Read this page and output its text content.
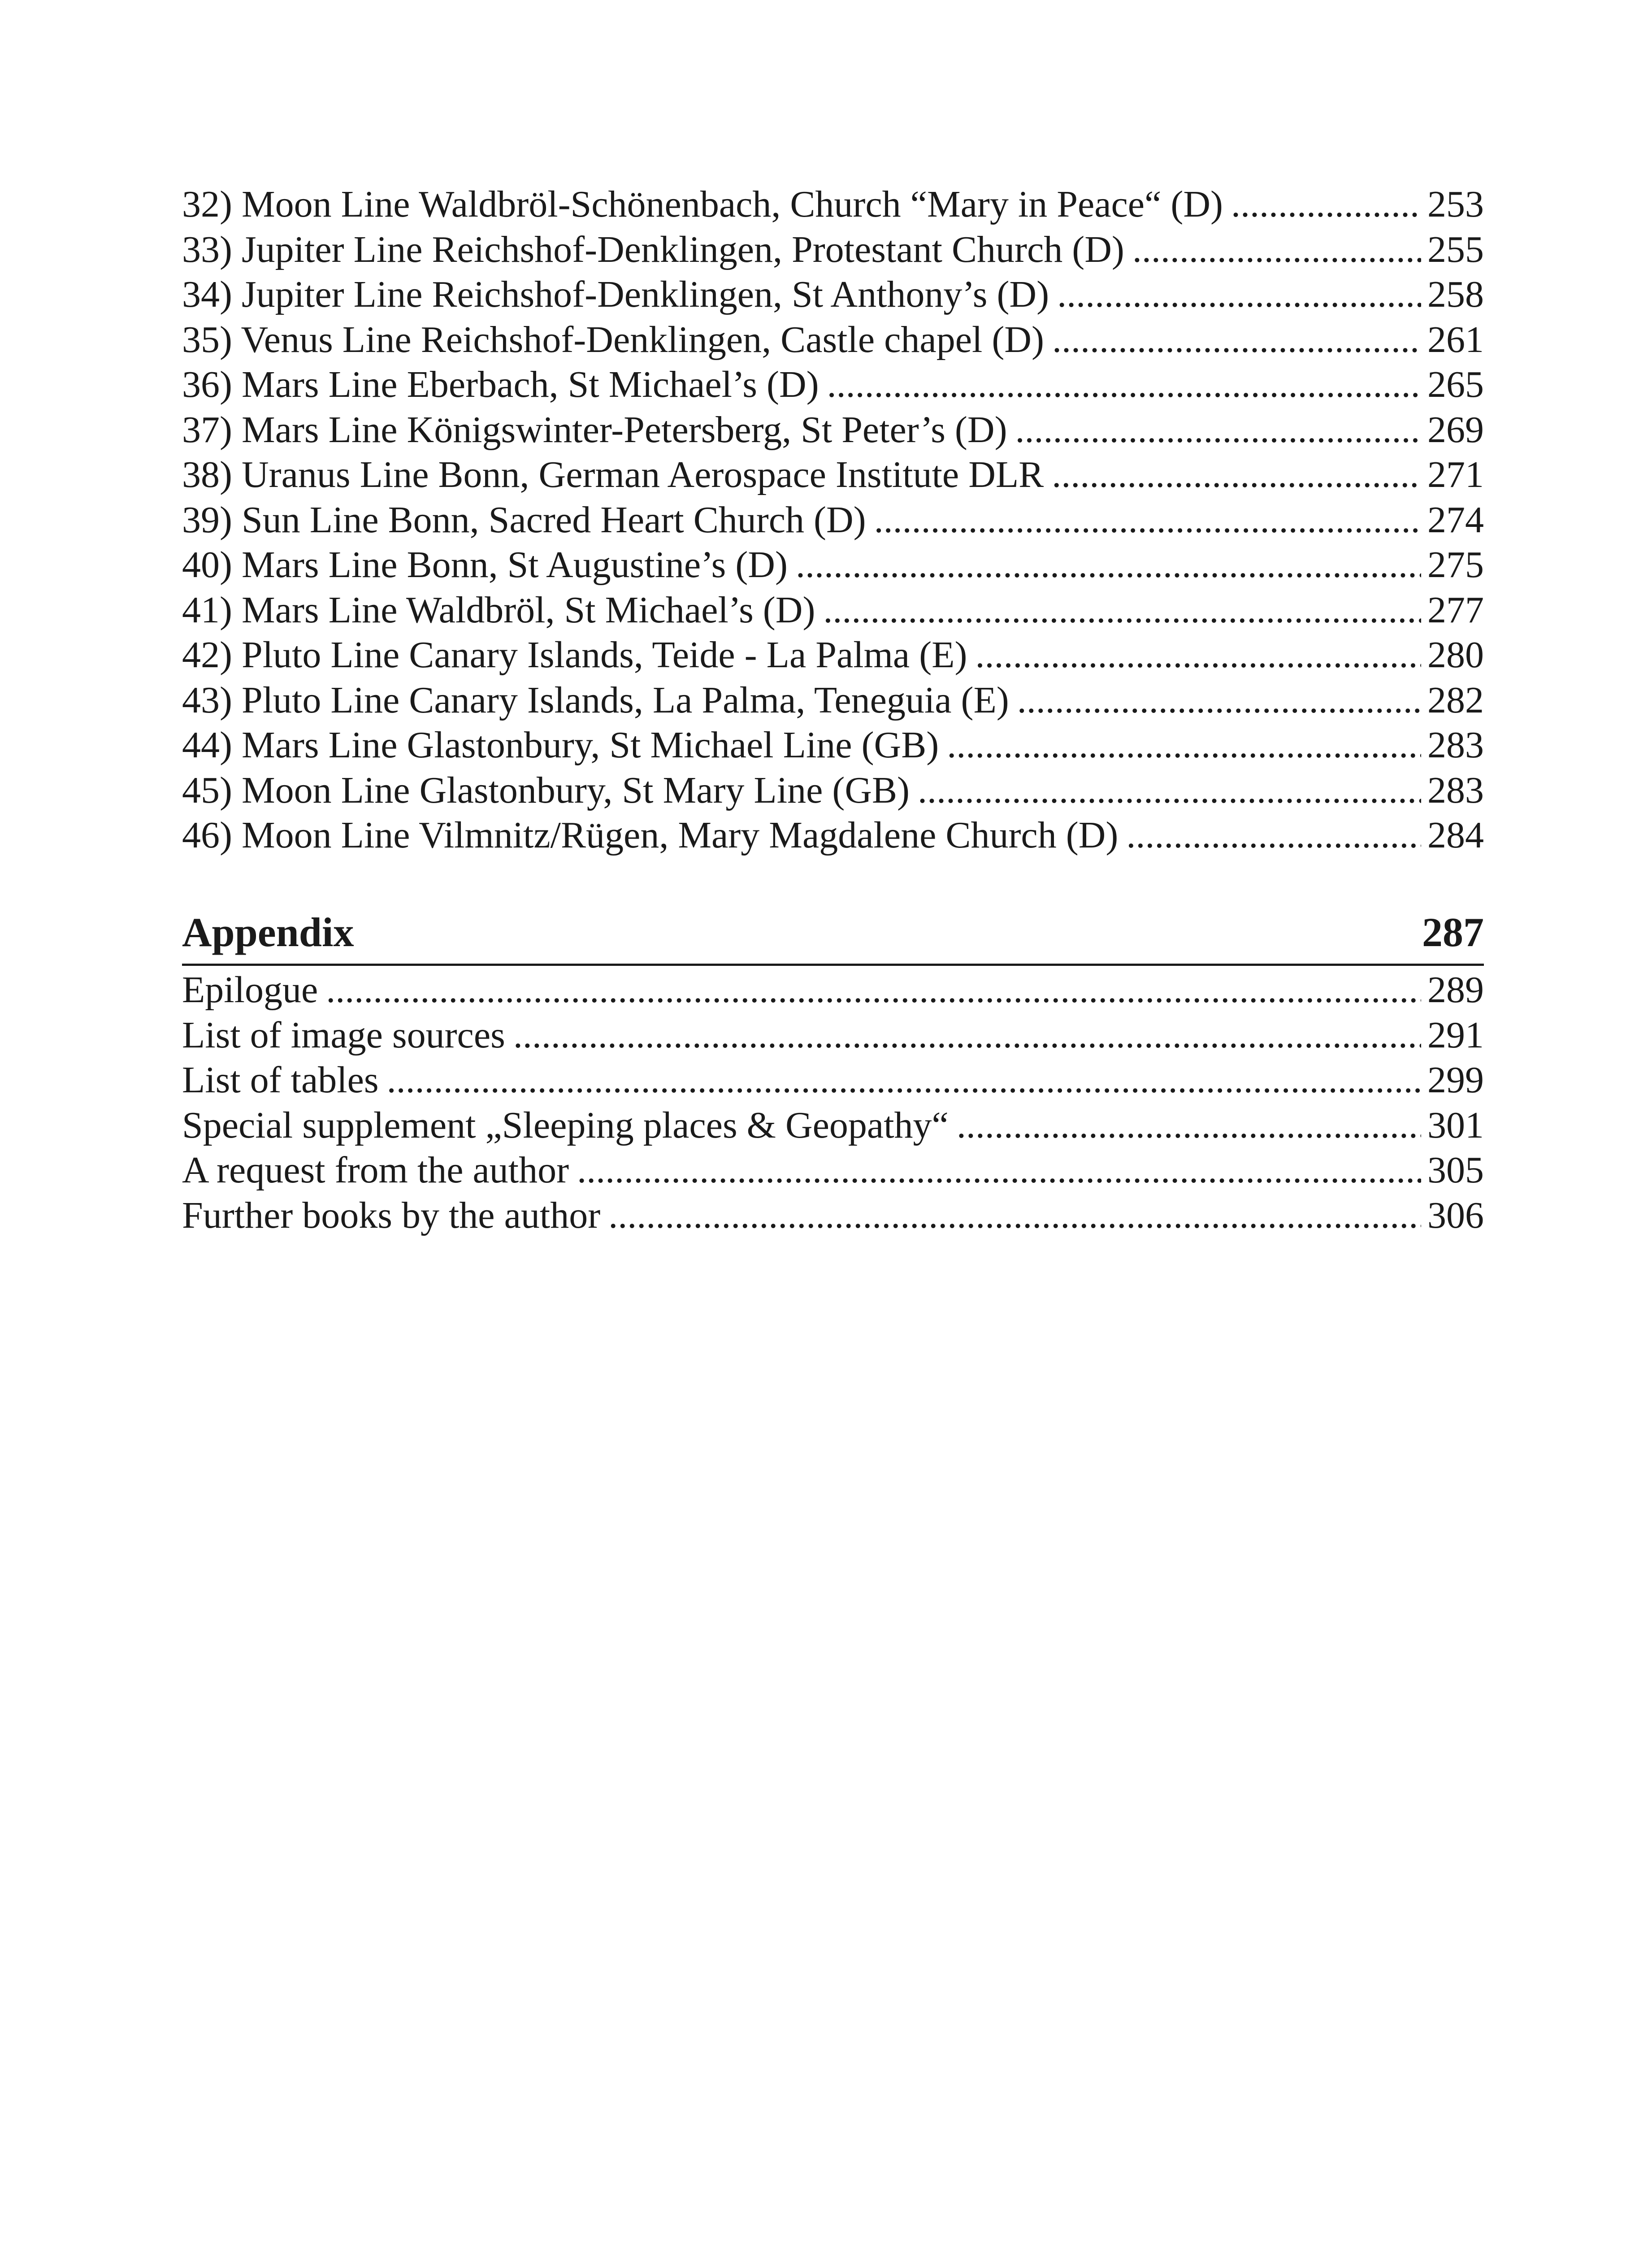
32) Moon Line Waldbröl-Schönenbach, Church “Mary in Peace“ (D) .....	253
33) Jupiter Line Reichshof-Denklingen, Protestant Church (D) .....	255
34) Jupiter Line Reichshof-Denklingen, St Anthony’s (D) .....	258
35) Venus Line Reichshof-Denklingen, Castle chapel (D) .....	261
36) Mars Line Eberbach, St Michael’s (D) .....	265
37) Mars Line Königswinter-Petersberg, St Peter’s (D) .....	269
38) Uranus Line Bonn, German Aerospace Institute DLR .....	271
39) Sun Line Bonn, Sacred Heart Church (D) .....	274
40) Mars Line Bonn, St Augustine’s (D) .....	275
41) Mars Line Waldbröl, St Michael’s (D) .....	277
42) Pluto Line Canary Islands, Teide - La Palma (E) .....	280
43) Pluto Line Canary Islands, La Palma, Teneguia (E) .....	282
44) Mars Line Glastonbury, St Michael Line (GB) .....	283
45) Moon Line Glastonbury, St Mary Line (GB) .....	283
46) Moon Line Vilmnitz/Rügen, Mary Magdalene Church (D) .....	284
Appendix	287
Epilogue .....	289
List of image sources .....	291
List of tables .....	299
Special supplement „Sleeping places & Geopathy“ .....	301
A request from the author .....	305
Further books by the author .....	306
